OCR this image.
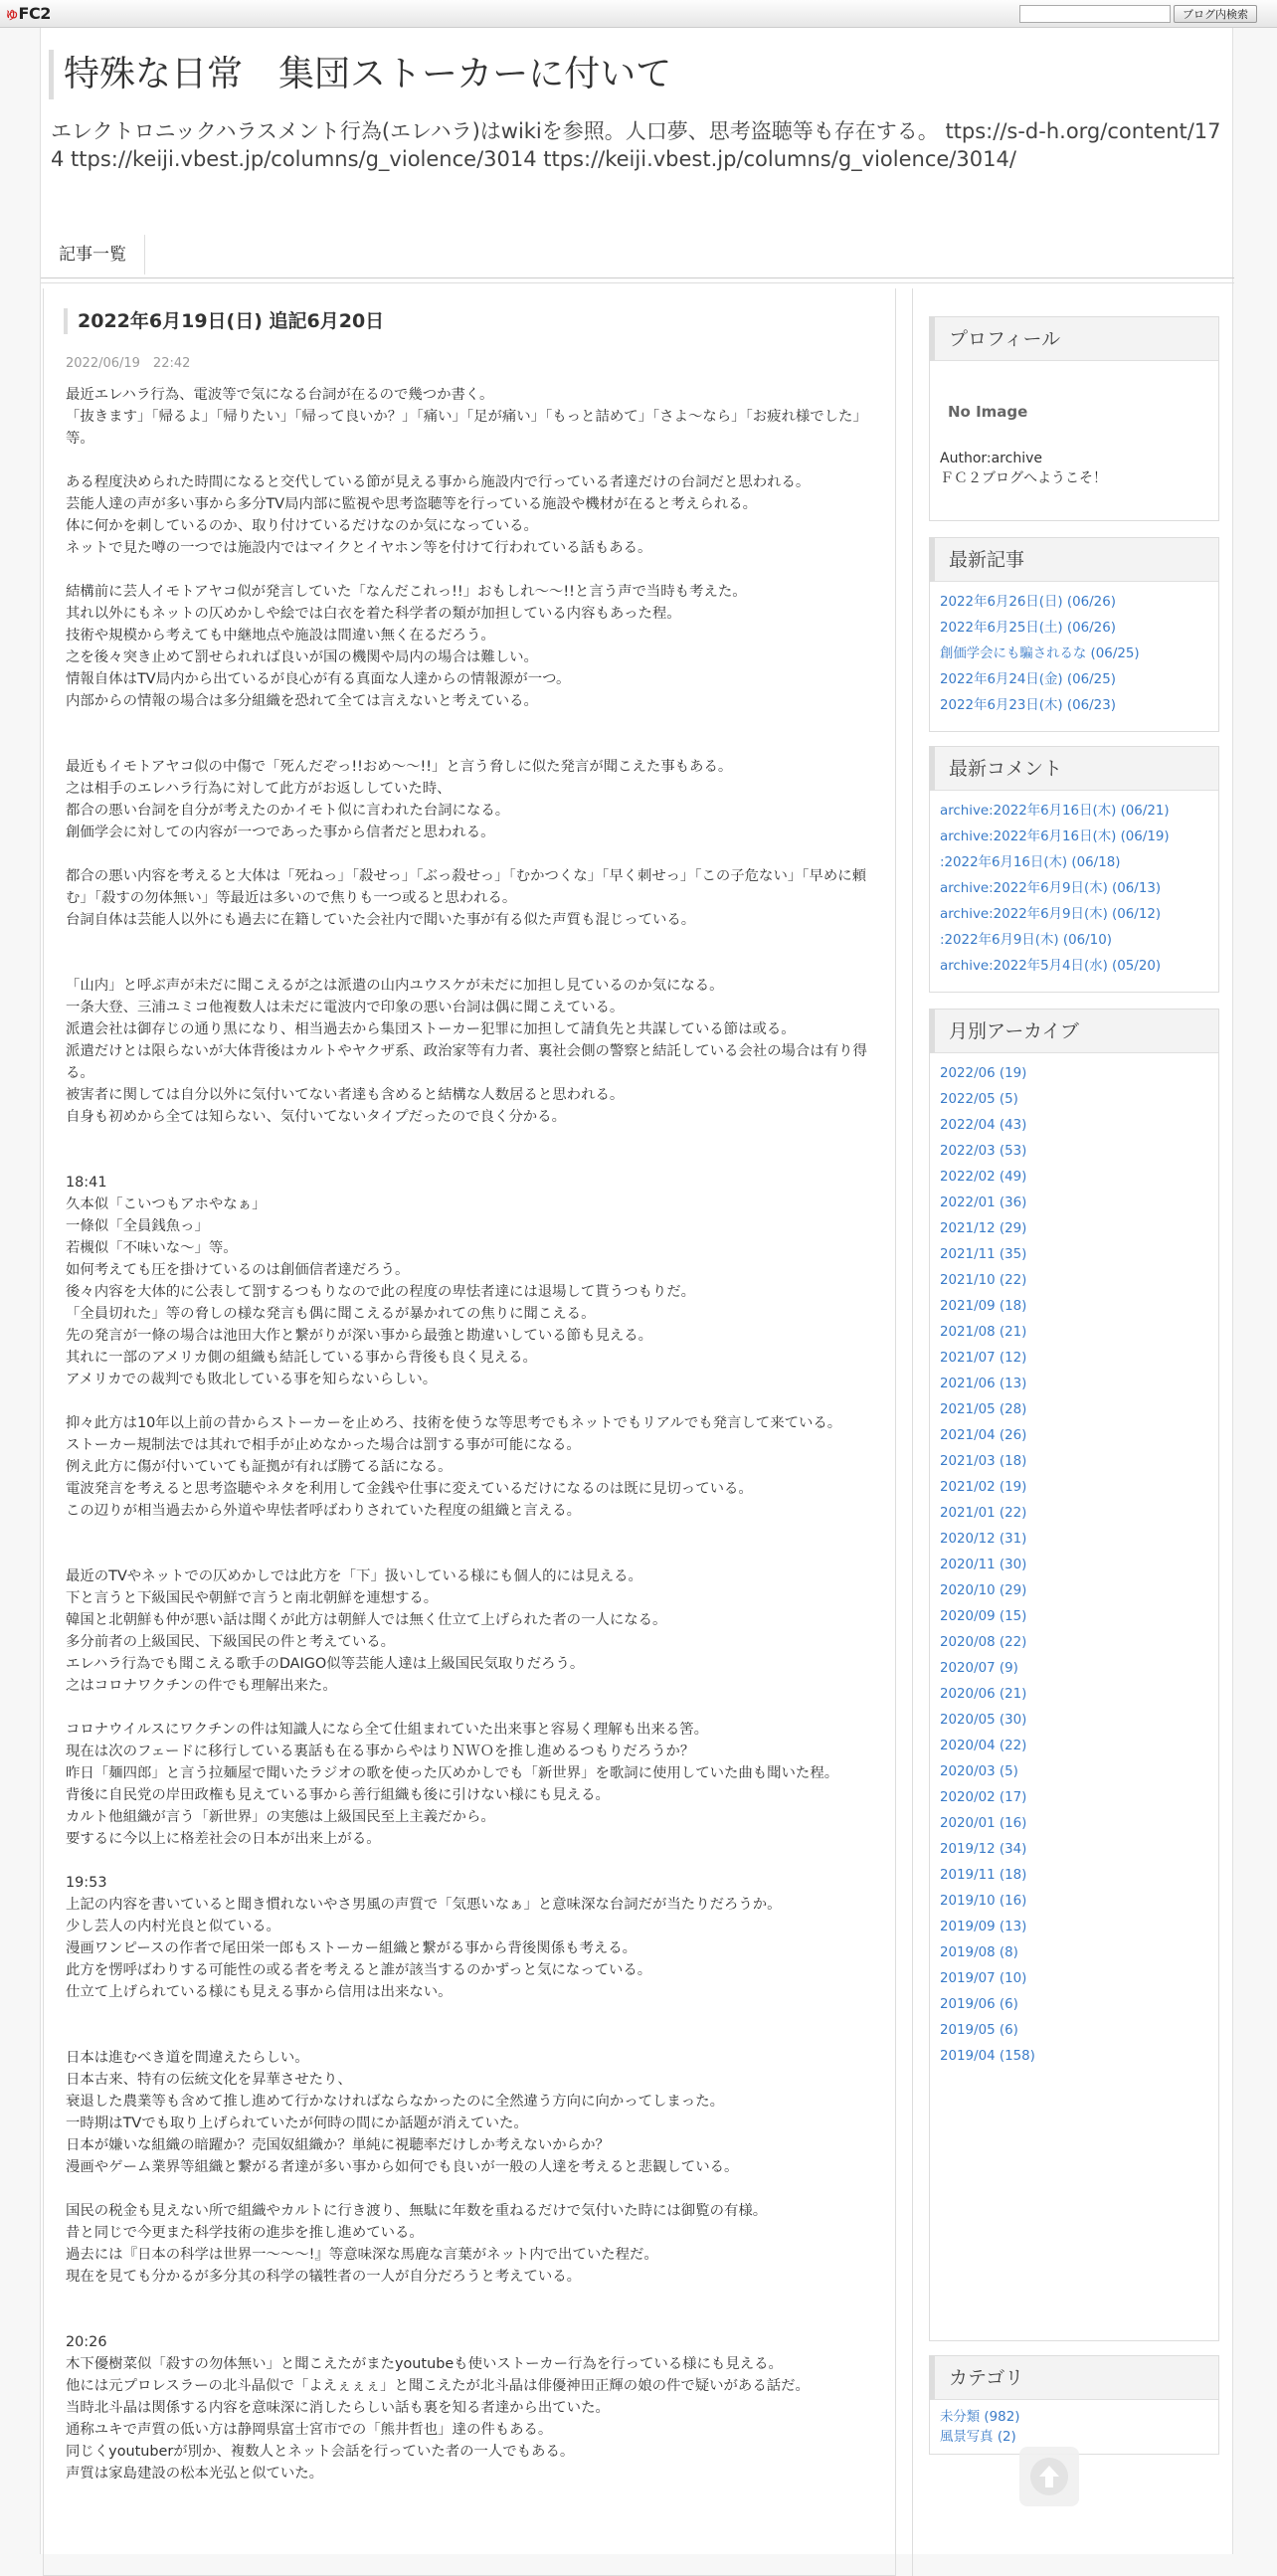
ゆFC2	ブログ内検索
特殊な日常　集団ストーカーに付いて
エレクトロニックハラスメント行為(エレハラ)はwikiを参照。人口夢、思考盗聴等も存在する。 ttps://s-d-h.org/content/174 ttps://keiji.vbest.jp/columns/g_violence/3014 ttps://keiji.vbest.jp/columns/g_violence/3014/
記事一覧
2022年6月19日(日) 追記6月20日
2022/06/19　22:42
最近エレハラ行為、電波等で気になる台詞が在るので幾つか書く。
「抜きます」「帰るよ」「帰りたい」「帰って良いか？」「痛い」「足が痛い」「もっと詰めて」「さよ～なら」「お疲れ様でした」等。

ある程度決められた時間になると交代している節が見える事から施設内で行っている者達だけの台詞だと思われる。
芸能人達の声が多い事から多分TV局内部に監視や思考盗聴等を行っている施設や機材が在ると考えられる。
体に何かを刺しているのか、取り付けているだけなのか気になっている。
ネットで見た噂の一つでは施設内ではマイクとイヤホン等を付けて行われている話もある。

結構前に芸人イモトアヤコ似が発言していた「なんだこれっ!!」おもしれ～～!!と言う声で当時も考えた。
其れ以外にもネットの仄めかしや絵では白衣を着た科学者の類が加担している内容もあった程。
技術や規模から考えても中継地点や施設は間違い無く在るだろう。
之を後々突き止めて罰せられれば良いが国の機関や局内の場合は難しい。
情報自体はTV局内から出ているが良心が有る真面な人達からの情報源が一つ。
内部からの情報の場合は多分組織を恐れて全ては言えないと考えている。

最近もイモトアヤコ似の中傷で「死んだぞっ!!おめ～～!!」と言う脅しに似た発言が聞こえた事もある。
之は相手のエレハラ行為に対して此方がお返ししていた時、
都合の悪い台詞を自分が考えたのかイモト似に言われた台詞になる。
創価学会に対しての内容が一つであった事から信者だと思われる。

都合の悪い内容を考えると大体は「死ねっ」「殺せっ」「ぶっ殺せっ」「むかつくな」「早く刺せっ」「この子危ない」「早めに頼む」「殺すの勿体無い」等最近は多いので焦りも一つ或ると思われる。
台詞自体は芸能人以外にも過去に在籍していた会社内で聞いた事が有る似た声質も混じっている。

「山内」と呼ぶ声が未だに聞こえるが之は派遣の山内ユウスケが未だに加担し見ているのか気になる。
一条大登、三浦ユミコ他複数人は未だに電波内で印象の悪い台詞は偶に聞こえている。
派遣会社は御存じの通り黒になり、相当過去から集団ストーカー犯罪に加担して請負先と共謀している節は或る。
派遣だけとは限らないが大体背後はカルトやヤクザ系、政治家等有力者、裏社会側の警察と結託している会社の場合は有り得る。
被害者に関しては自分以外に気付いてない者達も含めると結構な人数居ると思われる。
自身も初めから全ては知らない、気付いてないタイプだったので良く分かる。

18:41
久本似「こいつもアホやなぁ」
一條似「全員銭魚っ」
若槻似「不味いな～」等。
如何考えても圧を掛けているのは創価信者達だろう。
後々内容を大体的に公表して罰するつもりなので此の程度の卑怯者達には退場して貰うつもりだ。
「全員切れた」等の脅しの様な発言も偶に聞こえるが暴かれての焦りに聞こえる。
先の発言が一條の場合は池田大作と繋がりが深い事から最強と勘違いしている節も見える。
其れに一部のアメリカ側の組織も結託している事から背後も良く見える。
アメリカでの裁判でも敗北している事を知らないらしい。

抑々此方は10年以上前の昔からストーカーを止めろ、技術を使うな等思考でもネットでもリアルでも発言して来ている。
ストーカー規制法では其れで相手が止めなかった場合は罰する事が可能になる。
例え此方に傷が付いていても証拠が有れば勝てる話になる。
電波発言を考えると思考盗聴やネタを利用して金銭や仕事に変えているだけになるのは既に見切っている。
この辺りが相当過去から外道や卑怯者呼ばわりされていた程度の組織と言える。

最近のTVやネットでの仄めかしでは此方を「下」扱いしている様にも個人的には見える。
下と言うと下級国民や朝鮮で言うと南北朝鮮を連想する。
韓国と北朝鮮も仲が悪い話は聞くが此方は朝鮮人では無く仕立て上げられた者の一人になる。
多分前者の上級国民、下級国民の件と考えている。
エレハラ行為でも聞こえる歌手のDAIGO似等芸能人達は上級国民気取りだろう。
之はコロナワクチンの件でも理解出来た。

コロナウイルスにワクチンの件は知識人になら全て仕組まれていた出来事と容易く理解も出来る筈。
現在は次のフェードに移行している裏話も在る事からやはりＮＷＯを推し進めるつもりだろうか？
昨日「麺四郎」と言う拉麺屋で聞いたラジオの歌を使った仄めかしでも「新世界」を歌詞に使用していた曲も聞いた程。
背後に自民党の岸田政権も見えている事から善行組織も後に引けない様にも見える。
カルト他組織が言う「新世界」の実態は上級国民至上主義だから。
要するに今以上に格差社会の日本が出来上がる。

19:53
上記の内容を書いていると聞き慣れないやさ男風の声質で「気悪いなぁ」と意味深な台詞だが当たりだろうか。
少し芸人の内村光良と似ている。
漫画ワンピースの作者で尾田栄一郎もストーカー組織と繋がる事から背後関係も考える。
此方を愣呼ばわりする可能性の或る者を考えると誰が該当するのかずっと気になっている。
仕立て上げられている様にも見える事から信用は出来ない。

日本は進むべき道を間違えたらしい。
日本古来、特有の伝統文化を昇華させたり、
衰退した農業等も含めて推し進めて行かなければならなかったのに全然違う方向に向かってしまった。
一時期はTVでも取り上げられていたが何時の間にか話題が消えていた。
日本が嫌いな組織の暗躍か？売国奴組織か？単純に視聴率だけしか考えないからか？
漫画やゲーム業界等組織と繋がる者達が多い事から如何でも良いが一般の人達を考えると悲観している。

国民の税金も見えない所で組織やカルトに行き渡り、無駄に年数を重ねるだけで気付いた時には御覧の有様。
昔と同じで今更また科学技術の進歩を推し進めている。
過去には『日本の科学は世界一～～～!』等意味深な馬鹿な言葉がネット内で出ていた程だ。
現在を見ても分かるが多分其の科学の犠牲者の一人が自分だろうと考えている。

20:26
木下優樹菜似「殺すの勿体無い」と聞こえたがまたyoutubeも使いストーカー行為を行っている様にも見える。
他には元プロレスラーの北斗晶似で「よえぇぇぇ」と聞こえたが北斗晶は俳優神田正輝の娘の件で疑いがある話だ。
当時北斗晶は関係する内容を意味深に消したらしい話も裏を知る者達から出ていた。
通称ユキで声質の低い方は静岡県富士宮市での「熊井哲也」達の件もある。
同じくyoutuberが別か、複数人とネット会話を行っていた者の一人でもある。
声質は家島建設の松本光弘と似ていた。
プロフィール
No Image
Author:archive
ＦＣ２ブログへようこそ！
最新記事
2022年6月26日(日) (06/26)
2022年6月25日(土) (06/26)
創価学会にも騙されるな (06/25)
2022年6月24日(金) (06/25)
2022年6月23日(木) (06/23)
最新コメント
archive:2022年6月16日(木) (06/21)
archive:2022年6月16日(木) (06/19)
:2022年6月16日(木) (06/18)
archive:2022年6月9日(木) (06/13)
archive:2022年6月9日(木) (06/12)
:2022年6月9日(木) (06/10)
archive:2022年5月4日(水) (05/20)
月別アーカイブ
2022/06 (19)
2022/05 (5)
2022/04 (43)
2022/03 (53)
2022/02 (49)
2022/01 (36)
2021/12 (29)
2021/11 (35)
2021/10 (22)
2021/09 (18)
2021/08 (21)
2021/07 (12)
2021/06 (13)
2021/05 (28)
2021/04 (26)
2021/03 (18)
2021/02 (19)
2021/01 (22)
2020/12 (31)
2020/11 (30)
2020/10 (29)
2020/09 (15)
2020/08 (22)
2020/07 (9)
2020/06 (21)
2020/05 (30)
2020/04 (22)
2020/03 (5)
2020/02 (17)
2020/01 (16)
2019/12 (34)
2019/11 (18)
2019/10 (16)
2019/09 (13)
2019/08 (8)
2019/07 (10)
2019/06 (6)
2019/05 (6)
2019/04 (158)
カテゴリ
未分類 (982)
風景写真 (2)
